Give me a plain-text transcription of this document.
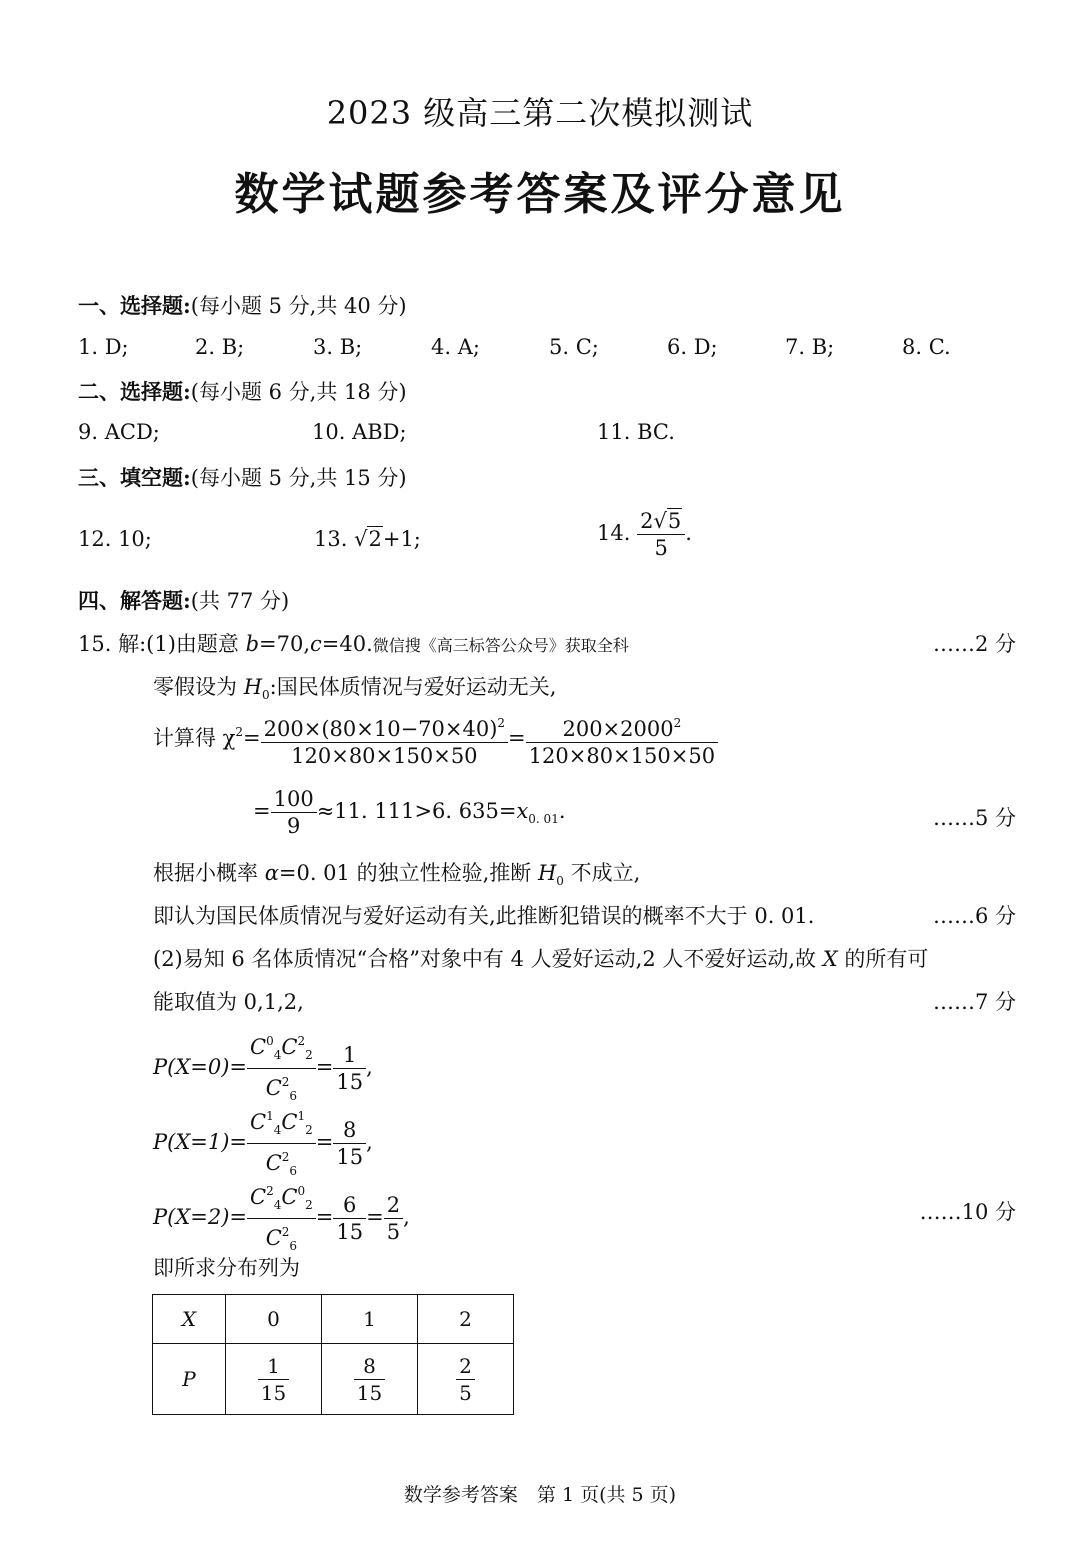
2023 级高三第二次模拟测试
数学试题参考答案及评分意见
一、选择题:(每小题 5 分,共 40 分)
1. D;	2. B;	3. B;	4. A;	5. C;	6. D;	7. B;	8. C.
二、选择题:(每小题 6 分,共 18 分)
9. ACD;	10. ABD;	11. BC.
三、填空题:(每小题 5 分,共 15 分)
12. 10;	13. √2+1;	14. $\frac{2√5}{5}$ .
四、解答题:(共 77 分)
15. 解:(1)由题意 b=70,c=40.微信搜《高三标答公众号》获取全科	……2 分
零假设为 $H_0$:国民体质情况与爱好运动无关,
计算得 $\chi^2= \frac{200\times(80\times 10-70\times 40)^2}{120\times 80\times 150\times 50} = \frac{200\times 2000^2}{120\times 80\times 150\times 50}$
= $\frac{100}{9} \approx 11$. 111>6. $635=x_{0. 01}$.	……5 分
根据小概率 α=0. 01 的独立性检验,推断 $H_0$ 不成立,
即认为国民体质情况与爱好运动有关,此推断犯错误的概率不大于 0. 01.	……6 分
(2)易知 6 名体质情况“合格”对象中有 4 人爱好运动,2 人不爱好运动,故 X 的所有可
能取值为 0,1,2,	……7 分
$P(X=0)= \frac{C^0_4C^2_2}{C^2_6} = \frac{1}{15}$ ,
$P(X=1)= \frac{C^1_4C^1_2}{C^2_6} = \frac{8}{15}$ ,
$P(X=2)= \frac{C^2_4C^0_2}{C^2_6} = \frac{6}{15} = \frac{2}{5}$ ,	……10 分
即所求分布列为
X	0	1	2
P	$\frac{1}{15}$	$\frac{8}{15}$	$\frac{2}{5}$
数学参考答案　第 1 页(共 5 页)
